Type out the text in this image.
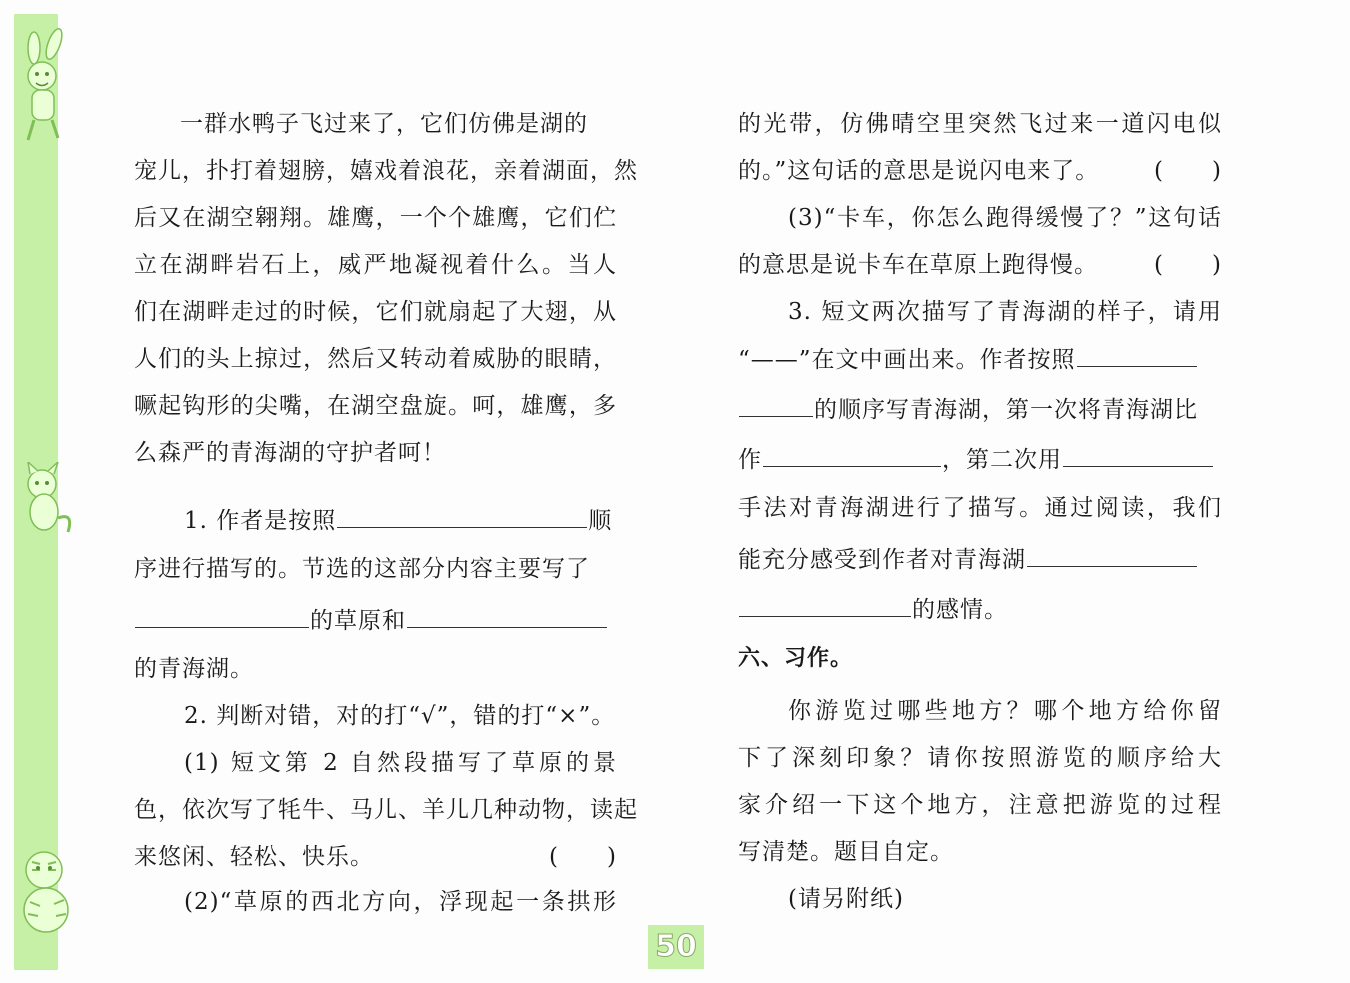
一群水鸭子飞过来了，它们仿佛是湖的
宠儿，扑打着翅膀，嬉戏着浪花，亲着湖面，然
后又在湖空翱翔。雄鹰，一个个雄鹰，它们伫
立在湖畔岩石上，威严地凝视着什么。当人
们在湖畔走过的时候，它们就扇起了大翅，从
人们的头上掠过，然后又转动着威胁的眼睛，
噘起钩形的尖嘴，在湖空盘旋。呵，雄鹰，多
么森严的青海湖的守护者呵！
1. 作者是按照	顺
序进行描写的。节选的这部分内容主要写了
的草原和
的青海湖。
2. 判断对错，对的打“√”，错的打“×”。
(1) 短文第 2 自然段描写了草原的景
色，依次写了牦牛、马儿、羊儿几种动物，读起
来悠闲、轻松、快乐。	(　　)
(2)“草原的西北方向，浮现起一条拱形
的光带，仿佛晴空里突然飞过来一道闪电似
的。”这句话的意思是说闪电来了。 (　　)
(3)“卡车，你怎么跑得缓慢了？”这句话
的意思是说卡车在草原上跑得慢。 (　　)
3. 短文两次描写了青海湖的样子，请用
“——”在文中画出来。作者按照
的顺序写青海湖，第一次将青海湖比
作	，第二次用
手法对青海湖进行了描写。通过阅读，我们
能充分感受到作者对青海湖
的感情。
六、习作。
你游览过哪些地方？哪个地方给你留
下了深刻印象？请你按照游览的顺序给大
家介绍一下这个地方，注意把游览的过程
写清楚。题目自定。
(请另附纸)
50
